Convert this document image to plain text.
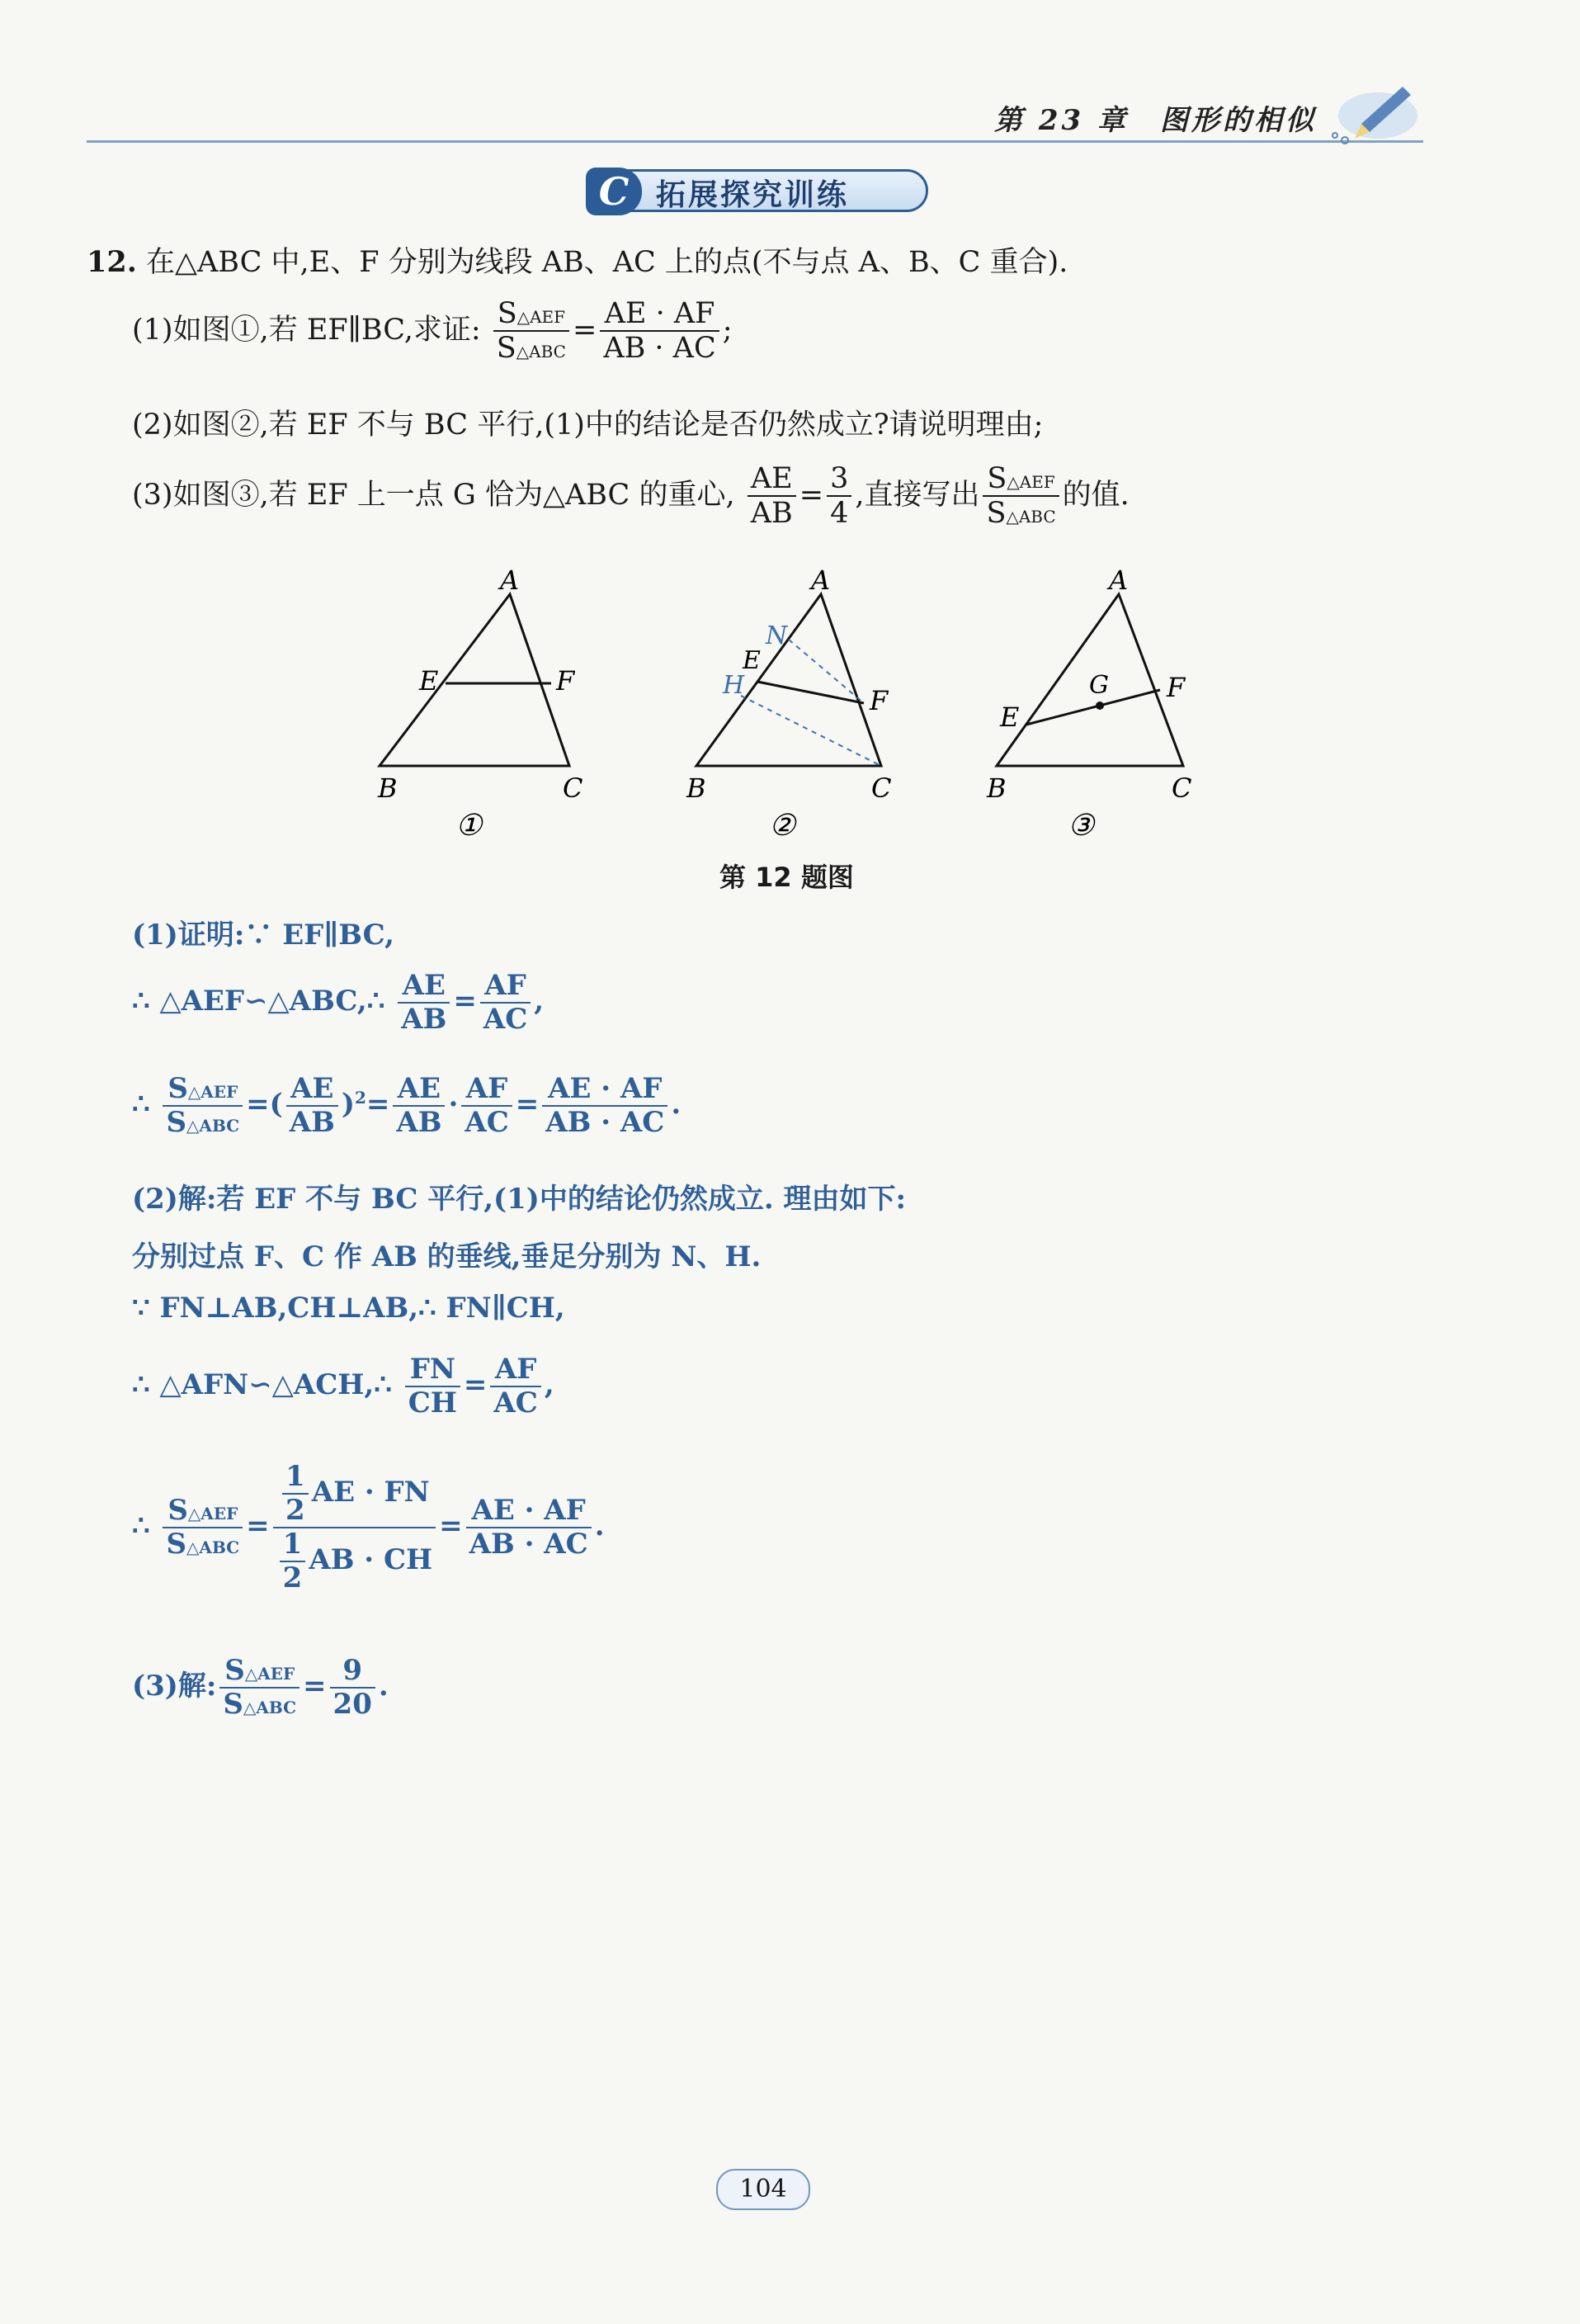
第 23 章　图形的相似
C 拓展探究训练
12. 在△ABC 中,E、F 分别为线段 AB、AC 上的点(不与点 A、B、C 重合).
(1)如图①,若 EF∥BC,求证: $\frac{\text{S△AEF}}{\text{S△ABC}} = \frac{AE \cdot AF}{AB \cdot AC}$ ;
(2)如图②,若 EF 不与 BC 平行,(1)中的结论是否仍然成立?请说明理由;
(3)如图③,若 EF 上一点 G 恰为△ABC 的重心, $\frac{AE}{AB} = \frac{3}{4}$ ,直接写出 $\frac{\text{S△AEF}}{\text{S△ABC}}$ 的值.
A
E	F
B	C
①
A
N
E
H	F
B	C
②
A
G F
E
B	C
③
第 12 题图
(1)证明:∵ EF∥BC,
∴ △AEF∽△ABC,∴ $\frac{AE}{AB} = \frac{AF}{AC}$ ,
∴ $\frac{\text{S△AEF}}{\text{S△ABC}}$ =( $\frac{AE}{AB} )^2= \frac{AE}{AB} \cdot \frac{AF}{AC} = \frac{AE \cdot AF}{AB \cdot AC}$ .
(2)解:若 EF 不与 BC 平行,(1)中的结论仍然成立. 理由如下:
分别过点 F、C 作 AB 的垂线,垂足分别为 N、H.
∵ FN⊥AB,CH⊥AB,∴ FN∥CH,
∴ △AFN∽△ACH,∴ $\frac{FN}{CH} = \frac{AF}{AC}$ ,
∴ $\frac{\text{S△AEF}}{\text{S△ABC}} = \frac{\frac{1}{2} AE \cdot FN}{\frac{1}{2} AB \cdot CH} = \frac{AE \cdot AF}{AB \cdot AC}$ .
(3)解: $\frac{\text{S△AEF}}{\text{S△ABC}} = \frac{9}{20}$ .
104
